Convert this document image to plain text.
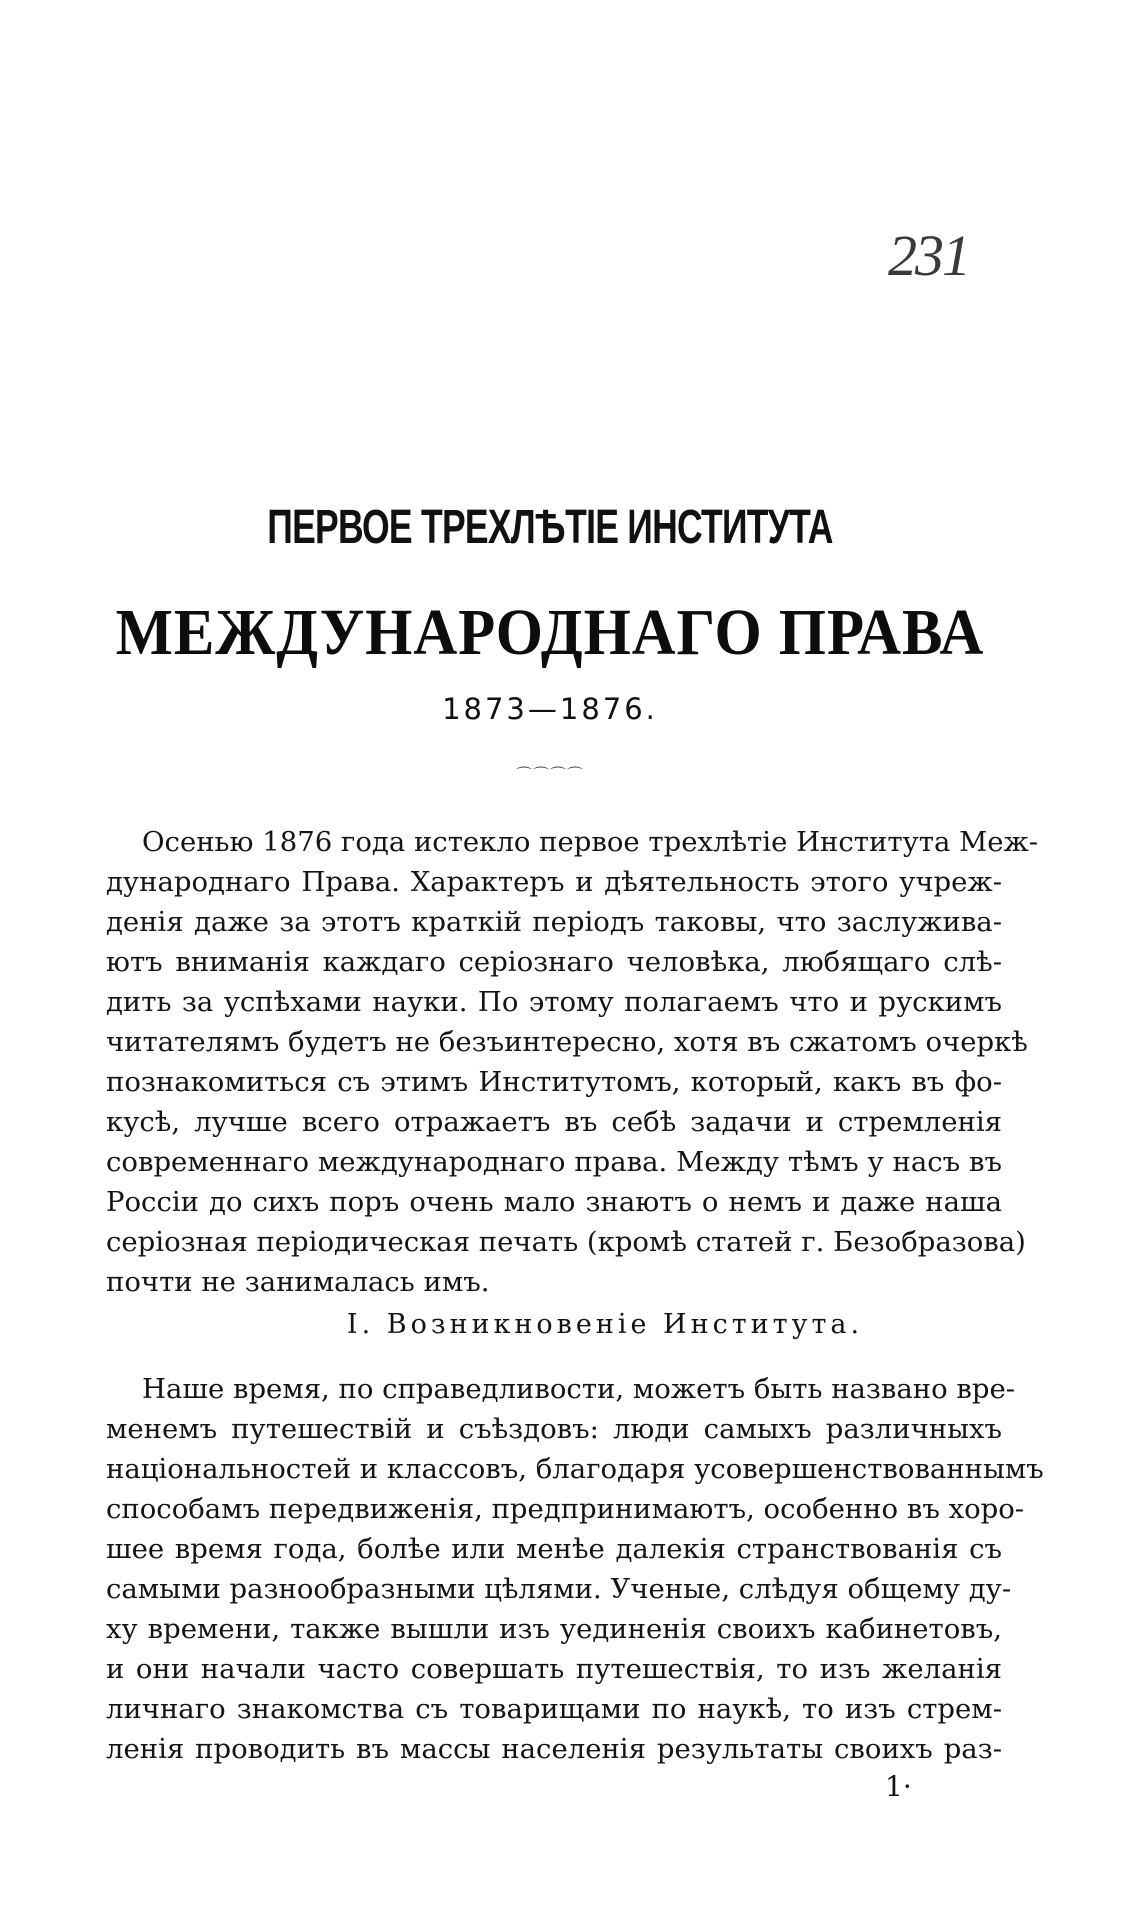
231
ПЕРВОЕ ТРЕХЛѢТІЕ ИНСТИТУТА
МЕЖДУНАРОДНАГО ПРАВА
1873—1876.
⌒⌒⌒⌒
Осенью 1876 года истекло первое трехлѣтіе Института Меж-
дународнаго Права. Характеръ и дѣятельность этого учреж-
денія даже за этотъ краткій періодъ таковы, что заслужива-
ютъ вниманія каждаго серіознаго человѣка, любящаго слѣ-
дить за успѣхами науки. По этому полагаемъ что и рускимъ
читателямъ будетъ не безъинтересно, хотя въ сжатомъ очеркѣ
познакомиться съ этимъ Институтомъ, который, какъ въ фо-
кусѣ, лучше всего отражаетъ въ себѣ задачи и стремленія
современнаго международнаго права. Между тѣмъ у насъ въ
Россіи до сихъ поръ очень мало знаютъ о немъ и даже наша
серіозная періодическая печать (кромѣ статей г. Безобразова)
почти не занималась имъ.
I. Возникновеніе Института.
Наше время, по справедливости, можетъ быть названо вре-
менемъ путешествій и съѣздовъ: люди самыхъ различныхъ
національностей и классовъ, благодаря усовершенствованнымъ
способамъ передвиженія, предпринимаютъ, особенно въ хоро-
шее время года, болѣе или менѣе далекія странствованія съ
самыми разнообразными цѣлями. Ученые, слѣдуя общему ду-
ху времени, также вышли изъ уединенія своихъ кабинетовъ,
и они начали часто совершать путешествія, то изъ желанія
личнаго знакомства съ товарищами по наукѣ, то изъ стрем-
ленія проводить въ массы населенія результаты своихъ раз-
1·
